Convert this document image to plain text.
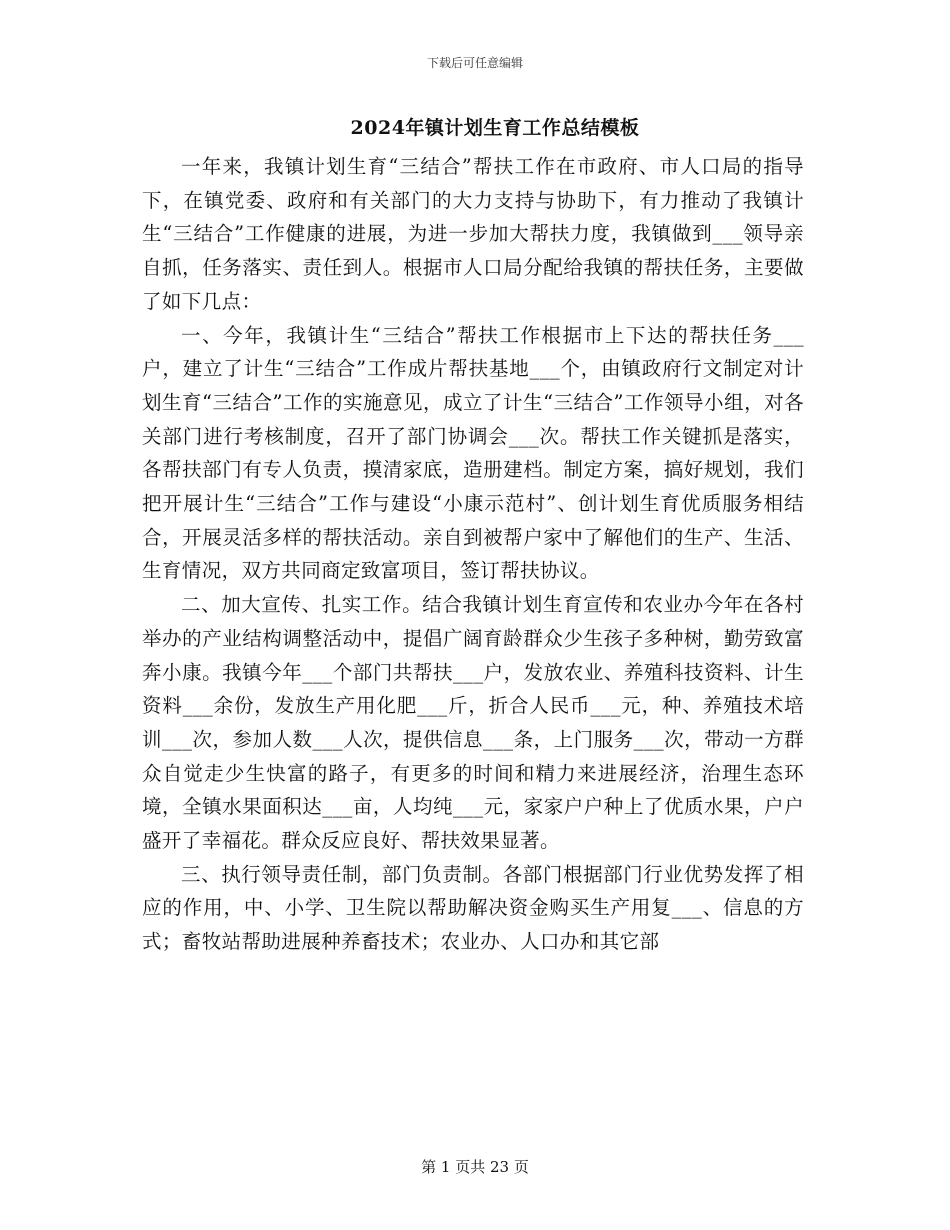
下载后可任意编辑
2024年镇计划生育工作总结模板

一年来，我镇计划生育“三结合”帮扶工作在市政府、市人口局的指导下，在镇党委、政府和有关部门的大力支持与协助下，有力推动了我镇计生“三结合”工作健康的进展，为进一步加大帮扶力度，我镇做到___领导亲自抓，任务落实、责任到人。根据市人口局分配给我镇的帮扶任务，主要做了如下几点：

一、今年，我镇计生“三结合”帮扶工作根据市上下达的帮扶任务___户，建立了计生“三结合”工作成片帮扶基地___个，由镇政府行文制定对计划生育“三结合”工作的实施意见，成立了计生“三结合”工作领导小组，对各关部门进行考核制度，召开了部门协调会___次。帮扶工作关键抓是落实，各帮扶部门有专人负责，摸清家底，造册建档。制定方案，搞好规划，我们把开展计生“三结合”工作与建设“小康示范村”、创计划生育优质服务相结合，开展灵活多样的帮扶活动。亲自到被帮户家中了解他们的生产、生活、生育情况，双方共同商定致富项目，签订帮扶协议。

二、加大宣传、扎实工作。结合我镇计划生育宣传和农业办今年在各村举办的产业结构调整活动中，提倡广阔育龄群众少生孩子多种树，勤劳致富奔小康。我镇今年___个部门共帮扶___户，发放农业、养殖科技资料、计生资料___余份，发放生产用化肥___斤，折合人民币___元，种、养殖技术培训___次，参加人数___人次，提供信息___条，上门服务___次，带动一方群众自觉走少生快富的路子，有更多的时间和精力来进展经济，治理生态环境，全镇水果面积达___亩，人均纯___元，家家户户种上了优质水果，户户盛开了幸福花。群众反应良好、帮扶效果显著。

三、执行领导责任制，部门负责制。各部门根据部门行业优势发挥了相应的作用，中、小学、卫生院以帮助解决资金购买生产用复___、信息的方式；畜牧站帮助进展种养畜技术；农业办、人口办和其它部

第 1 页共 23 页
